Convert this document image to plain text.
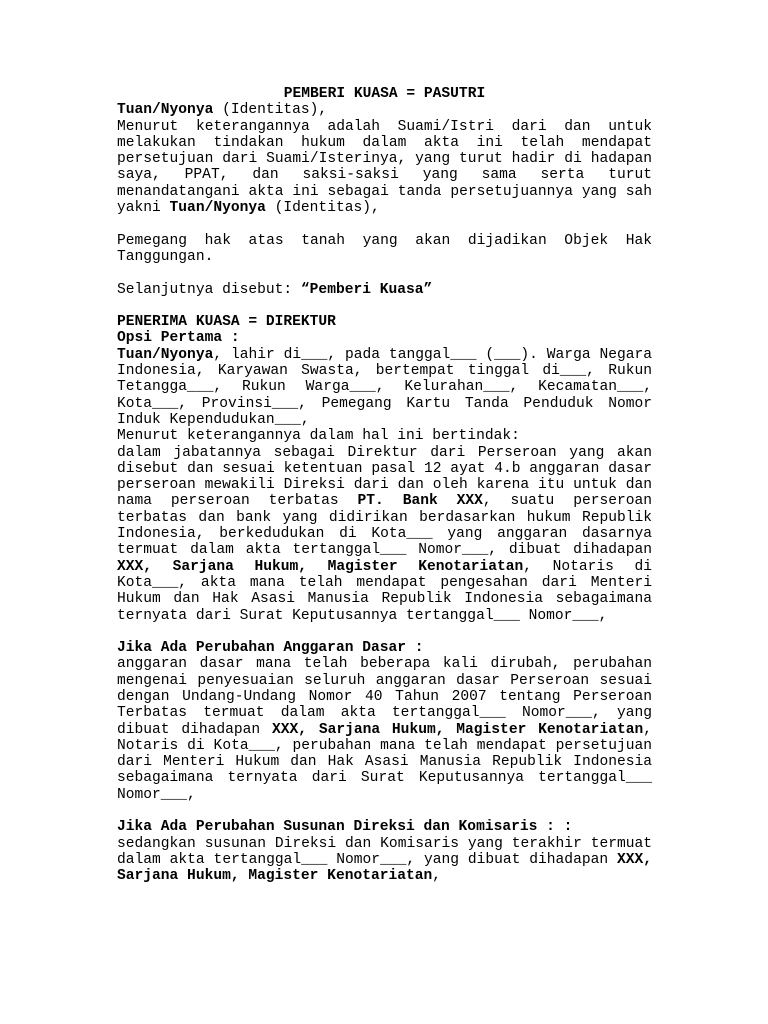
PEMBERI KUASA = PASUTRI

Tuan/Nyonya (Identitas),

Menurut keterangannya adalah Suami/Istri dari dan untuk melakukan tindakan hukum dalam akta ini telah mendapat persetujuan dari Suami/Isterinya, yang turut hadir di hadapan saya, PPAT, dan saksi-saksi yang sama serta turut menandatangani akta ini sebagai tanda persetujuannya yang sah yakni Tuan/Nyonya (Identitas),

Pemegang hak atas tanah yang akan dijadikan Objek Hak Tanggungan.

Selanjutnya disebut: “Pemberi Kuasa”

PENERIMA KUASA = DIREKTUR

Opsi Pertama :

Tuan/Nyonya, lahir di___, pada tanggal___ (___). Warga Negara Indonesia, Karyawan Swasta, bertempat tinggal di___, Rukun Tetangga___, Rukun Warga___, Kelurahan___, Kecamatan___, Kota___, Provinsi___, Pemegang Kartu Tanda Penduduk Nomor Induk Kependudukan___,

Menurut keterangannya dalam hal ini bertindak:

dalam jabatannya sebagai Direktur dari Perseroan yang akan disebut dan sesuai ketentuan pasal 12 ayat 4.b anggaran dasar perseroan mewakili Direksi dari dan oleh karena itu untuk dan nama perseroan terbatas PT. Bank XXX, suatu perseroan terbatas dan bank yang didirikan berdasarkan hukum Republik Indonesia, berkedudukan di Kota___ yang anggaran dasarnya termuat dalam akta tertanggal___ Nomor___, dibuat dihadapan XXX, Sarjana Hukum, Magister Kenotariatan, Notaris di Kota___, akta mana telah mendapat pengesahan dari Menteri Hukum dan Hak Asasi Manusia Republik Indonesia sebagaimana ternyata dari Surat Keputusannya tertanggal___ Nomor___,

Jika Ada Perubahan Anggaran Dasar :

anggaran dasar mana telah beberapa kali dirubah, perubahan mengenai penyesuaian seluruh anggaran dasar Perseroan sesuai dengan Undang-Undang Nomor 40 Tahun 2007 tentang Perseroan Terbatas termuat dalam akta tertanggal___ Nomor___, yang dibuat dihadapan XXX, Sarjana Hukum, Magister Kenotariatan, Notaris di Kota___, perubahan mana telah mendapat persetujuan dari Menteri Hukum dan Hak Asasi Manusia Republik Indonesia sebagaimana ternyata dari Surat Keputusannya tertanggal___ Nomor___,

Jika Ada Perubahan Susunan Direksi dan Komisaris : :

sedangkan susunan Direksi dan Komisaris yang terakhir termuat dalam akta tertanggal___ Nomor___, yang dibuat dihadapan XXX, Sarjana Hukum, Magister Kenotariatan,
